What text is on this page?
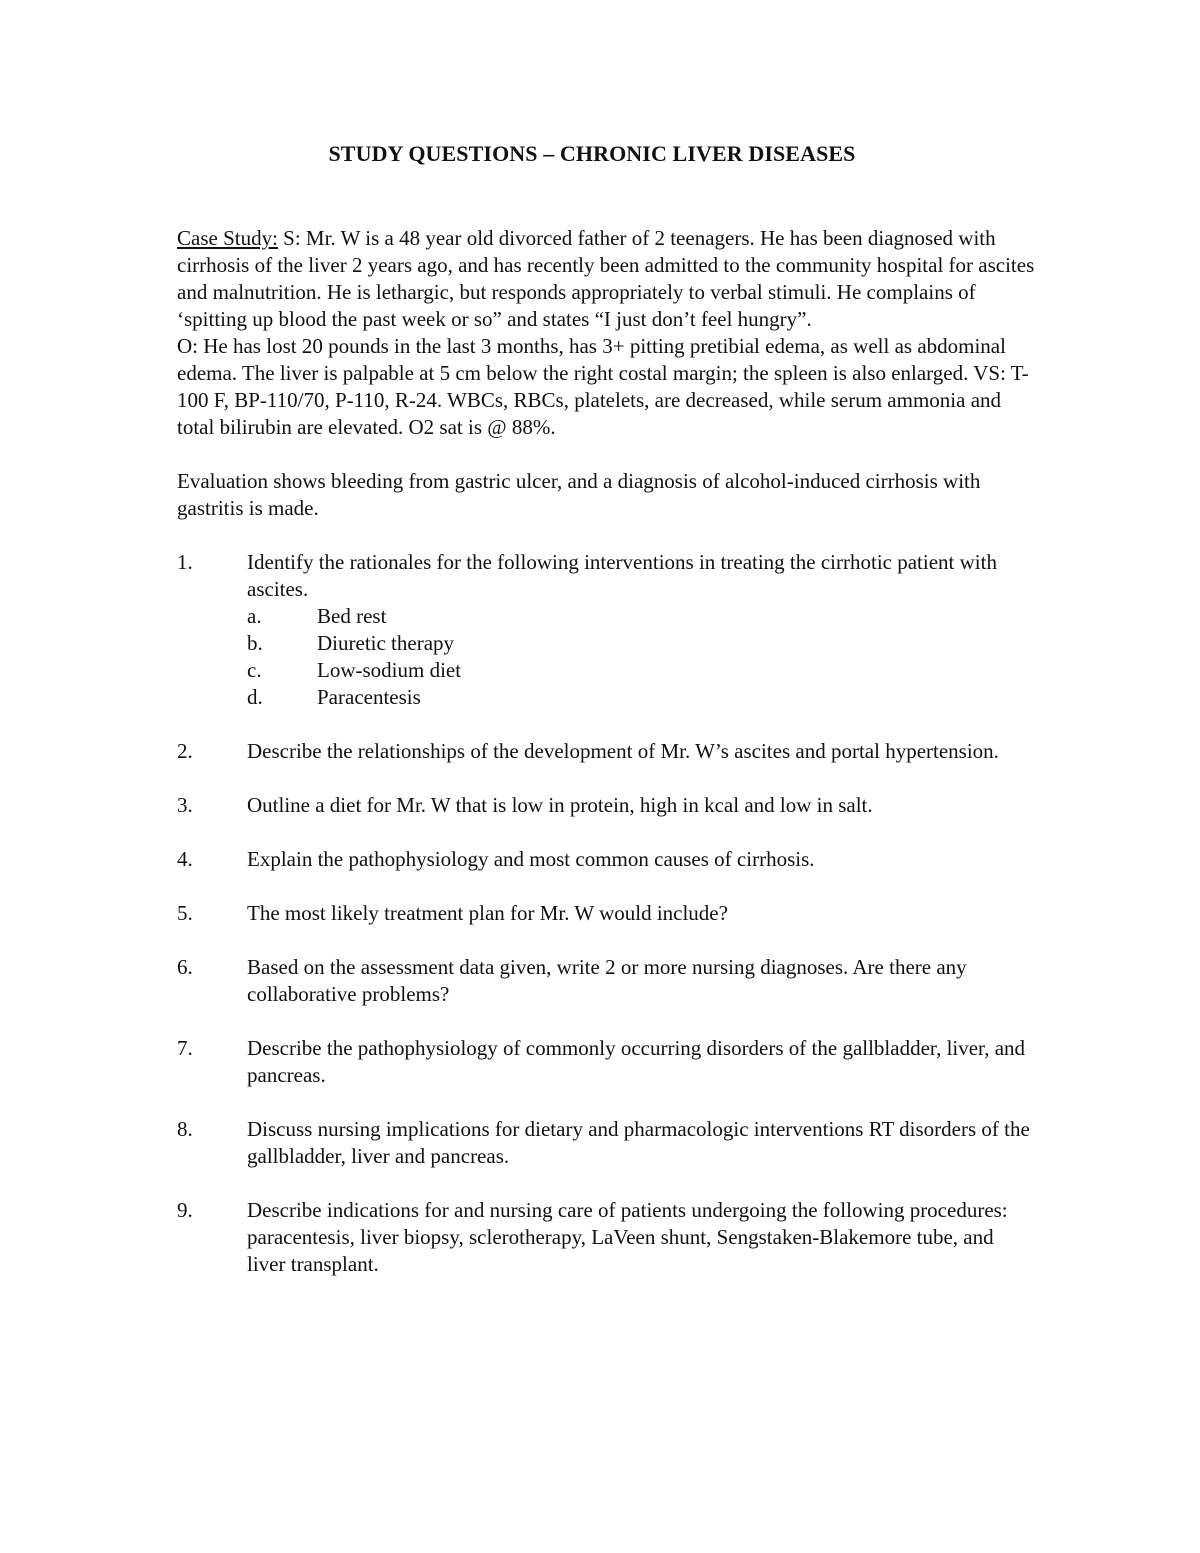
STUDY QUESTIONS – CHRONIC LIVER DISEASES

Case Study: S: Mr. W is a 48 year old divorced father of 2 teenagers. He has been diagnosed with cirrhosis of the liver 2 years ago, and has recently been admitted to the community hospital for ascites and malnutrition. He is lethargic, but responds appropriately to verbal stimuli. He complains of ‘spitting up blood the past week or so” and states “I just don’t feel hungry”.

O: He has lost 20 pounds in the last 3 months, has 3+ pitting pretibial edema, as well as abdominal edema. The liver is palpable at 5 cm below the right costal margin; the spleen is also enlarged. VS: T-100 F, BP-110/70, P-110, R-24. WBCs, RBCs, platelets, are decreased, while serum ammonia and total bilirubin are elevated. O2 sat is @ 88%.

Evaluation shows bleeding from gastric ulcer, and a diagnosis of alcohol-induced cirrhosis with gastritis is made.

1.	Identify the rationales for the following interventions in treating the cirrhotic patient with ascites.
a.	Bed rest
b.	Diuretic therapy
c.	Low-sodium diet
d.	Paracentesis
2.	Describe the relationships of the development of Mr. W’s ascites and portal hypertension.
3.	Outline a diet for Mr. W that is low in protein, high in kcal and low in salt.
4.	Explain the pathophysiology and most common causes of cirrhosis.
5.	The most likely treatment plan for Mr. W would include?
6.	Based on the assessment data given, write 2 or more nursing diagnoses. Are there any collaborative problems?
7.	Describe the pathophysiology of commonly occurring disorders of the gallbladder, liver, and pancreas.
8.	Discuss nursing implications for dietary and pharmacologic interventions RT disorders of the gallbladder, liver and pancreas.
9.	Describe indications for and nursing care of patients undergoing the following procedures: paracentesis, liver biopsy, sclerotherapy, LaVeen shunt, Sengstaken-Blakemore tube, and liver transplant.
